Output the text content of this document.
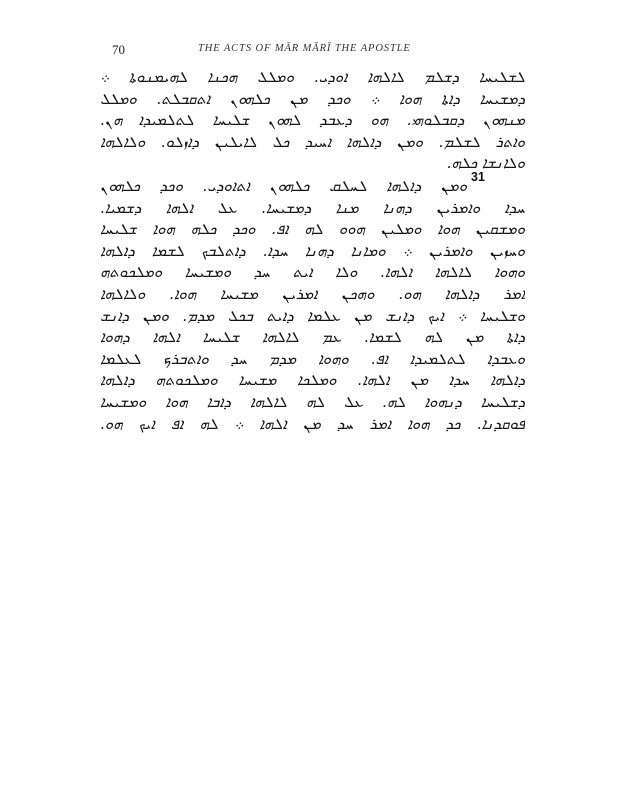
70	THE ACTS OF MĀR MĀRĪ THE APOSTLE
31
ܠܫܠܝܚܐ ܕܫܠܡ ܠܐܠܗܐ ܐܘܕܝ. ܘܡܠܠ ܗܟܢܐ ܠܗܝܡܢܘܬܐ ܀
ܕܡܫܝܚܐ ܕܐܬܐ ܗܘܐ ܀ ܘܟܕ ܡܢ ܟܠܗܘܢ ܐܬܩܒܠܬ. ܘܡܠܠ
ܡܢܗܘܢ ܕܩܒܠܘܗܝ. ܗܘ ܕܥܒܕ ܠܗܘܢ ܫܠܝܚܐ ܠܬܠܡܝܕܐ ܗܢ.
ܘܐܬܪ ܠܫܠܡ. ܘܡܢ ܕܐܠܗܐ ܐܚܝܕ ܟܠ ܠܐܝܠܝܢ ܕܐܙܠܘ. ܘܠܐܠܗܐ
ܘܠܐܢܫܐ ܟܠܗ.
ܘܡܢ ܕܐܠܗܐ ܠܚܠܩ ܟܠܗܘܢ ܐܬܐܘܕܝ. ܘܟܕ ܟܠܗܘܢ
ܚܕܐ ܘܐܡܪܝܢ ܕܗܢܐ ܡܢܐ ܕܡܫܝܚܐ. ܥܠ ܐܠܗܐ ܕܫܡܝܐ.
ܘܡܫܩܝܢ ܗܘܐ ܘܡܠܝܢ ܗܘܘ ܠܗ ܐܦ. ܘܟܕ ܟܠܗ ܗܘܐ ܫܠܝܚܐ
ܘܚܙܝܢ ܘܐܡܪܝܢ ܀ ܘܡܐܢܐ ܕܗܢܐ ܚܕܐ. ܕܐܬܠܒܟ ܠܫܡܐ ܕܐܠܗܐ
ܘܗܘܐ ܠܐܠܗܐ ܐܠܗܐ. ܘܠܐ ܐܝܬ ܚܕ ܘܡܫܝܚܐ ܘܡܠܟܘܬܗ
ܐܡܪ ܕܐܠܗܐ ܗܘ. ܘܗܟܢ ܐܡܪܝܢ ܡܫܝܚܐ ܗܘܐ. ܘܠܐܠܗܐ
ܘܫܠܝܚܐ ܀ ܐܝܟ ܕܐܢܫ ܡܢ ܥܠܡܐ ܕܐܝܬ ܒܟܠ ܡܕܡ. ܘܡܢ ܕܐܢܫ
ܕܐܬܐ ܡܢ ܠܗ ܠܫܡܐ. ܥܡ ܠܐܠܗܐ ܫܠܝܚܐ ܐܠܗܐ ܕܗܘܐ
ܘܥܒܕܐ ܠܬܠܡܝܕܐ ܐܦ. ܘܗܘܐ ܡܕܡ ܚܕ ܘܐܬܒܪܟ ܠܥܠܡܐ
ܕܐܠܗܐ ܚܕܐ ܡܢ ܐܠܗܐ. ܘܡܠܟܐ ܡܫܝܚܐ ܘܡܠܟܘܬܗ ܕܐܠܗܐ
ܕܫܠܝܚܐ ܕܢܗܘܐ ܠܗ. ܥܠ ܠܗ ܠܐܠܗܐ ܕܐܒܐ ܗܘܐ ܘܡܫܝܚܐ
ܦܘܩܕܢܐ. ܟܕ ܗܘܐ ܐܡܪ ܚܕ ܡܢ ܐܠܗܐ ܀ ܠܗ ܐܦ ܐܝܟ ܗܘ.
